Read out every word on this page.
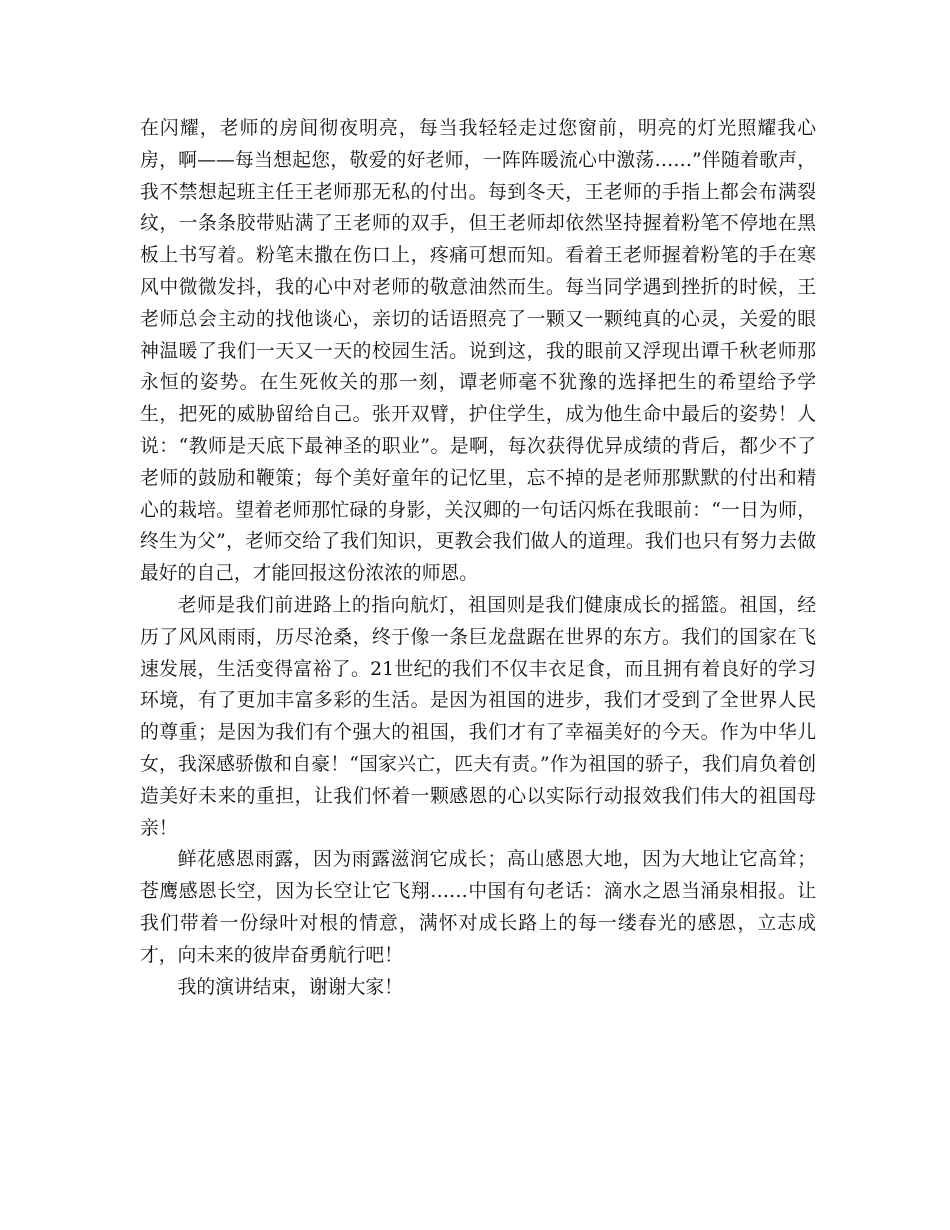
在闪耀，老师的房间彻夜明亮，每当我轻轻走过您窗前，明亮的灯光照耀我心房，啊——每当想起您，敬爱的好老师，一阵阵暖流心中激荡……”伴随着歌声，我不禁想起班主任王老师那无私的付出。每到冬天，王老师的手指上都会布满裂纹，一条条胶带贴满了王老师的双手，但王老师却依然坚持握着粉笔不停地在黑板上书写着。粉笔末撒在伤口上，疼痛可想而知。看着王老师握着粉笔的手在寒风中微微发抖，我的心中对老师的敬意油然而生。每当同学遇到挫折的时候，王老师总会主动的找他谈心，亲切的话语照亮了一颗又一颗纯真的心灵，关爱的眼神温暖了我们一天又一天的校园生活。说到这，我的眼前又浮现出谭千秋老师那永恒的姿势。在生死攸关的那一刻，谭老师毫不犹豫的选择把生的希望给予学生，把死的威胁留给自己。张开双臂，护住学生，成为他生命中最后的姿势！人说：“教师是天底下最神圣的职业”。是啊，每次获得优异成绩的背后，都少不了老师的鼓励和鞭策；每个美好童年的记忆里，忘不掉的是老师那默默的付出和精心的栽培。望着老师那忙碌的身影，关汉卿的一句话闪烁在我眼前：“一日为师，终生为父”，老师交给了我们知识，更教会我们做人的道理。我们也只有努力去做最好的自己，才能回报这份浓浓的师恩。

老师是我们前进路上的指向航灯，祖国则是我们健康成长的摇篮。祖国，经历了风风雨雨，历尽沧桑，终于像一条巨龙盘踞在世界的东方。我们的国家在飞速发展，生活变得富裕了。21世纪的我们不仅丰衣足食，而且拥有着良好的学习环境，有了更加丰富多彩的生活。是因为祖国的进步，我们才受到了全世界人民的尊重；是因为我们有个强大的祖国，我们才有了幸福美好的今天。作为中华儿女，我深感骄傲和自豪！“国家兴亡，匹夫有责。”作为祖国的骄子，我们肩负着创造美好未来的重担，让我们怀着一颗感恩的心以实际行动报效我们伟大的祖国母亲！

鲜花感恩雨露，因为雨露滋润它成长；高山感恩大地，因为大地让它高耸；苍鹰感恩长空，因为长空让它飞翔……中国有句老话：滴水之恩当涌泉相报。让我们带着一份绿叶对根的情意，满怀对成长路上的每一缕春光的感恩，立志成才，向未来的彼岸奋勇航行吧！

我的演讲结束，谢谢大家！
